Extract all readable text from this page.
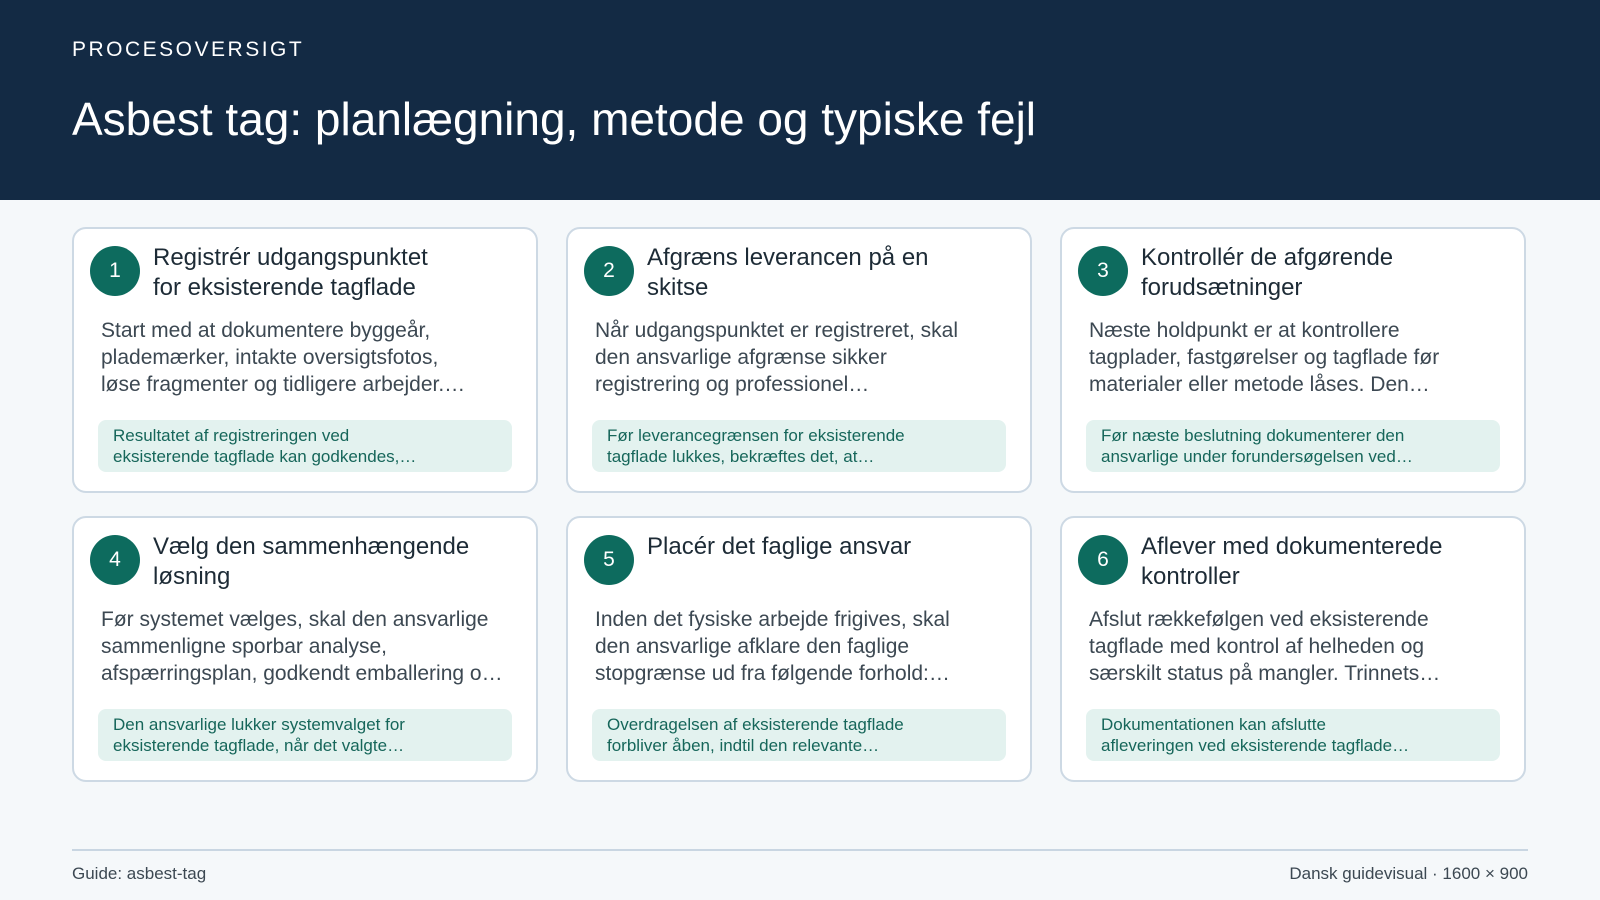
PROCESOVERSIGT
Asbest tag: planlægning, metode og typiske fejl
1	Registrér udgangspunktet
for eksisterende tagflade
Start med at dokumentere byggeår,
plademærker, intakte oversigtsfotos,
løse fragmenter og tidligere arbejder.…
Resultatet af registreringen ved
eksisterende tagflade kan godkendes,…
2	Afgræns leverancen på en
skitse
Når udgangspunktet er registreret, skal
den ansvarlige afgrænse sikker
registrering og professionel…
Før leverancegrænsen for eksisterende
tagflade lukkes, bekræftes det, at…
3	Kontrollér de afgørende
forudsætninger
Næste holdpunkt er at kontrollere
tagplader, fastgørelser og tagflade før
materialer eller metode låses. Den…
Før næste beslutning dokumenterer den
ansvarlige under forundersøgelsen ved…
4	Vælg den sammenhængende
løsning
Før systemet vælges, skal den ansvarlige
sammenligne sporbar analyse,
afspærringsplan, godkendt emballering o…
Den ansvarlige lukker systemvalget for
eksisterende tagflade, når det valgte…
5	Placér det faglige ansvar

Inden det fysiske arbejde frigives, skal
den ansvarlige afklare den faglige
stopgrænse ud fra følgende forhold:…
Overdragelsen af eksisterende tagflade
forbliver åben, indtil den relevante…
6	Aflever med dokumenterede
kontroller
Afslut rækkefølgen ved eksisterende
tagflade med kontrol af helheden og
særskilt status på mangler. Trinnets…
Dokumentationen kan afslutte
afleveringen ved eksisterende tagflade…
Guide: asbest-tag	Dansk guidevisual · 1600 × 900
